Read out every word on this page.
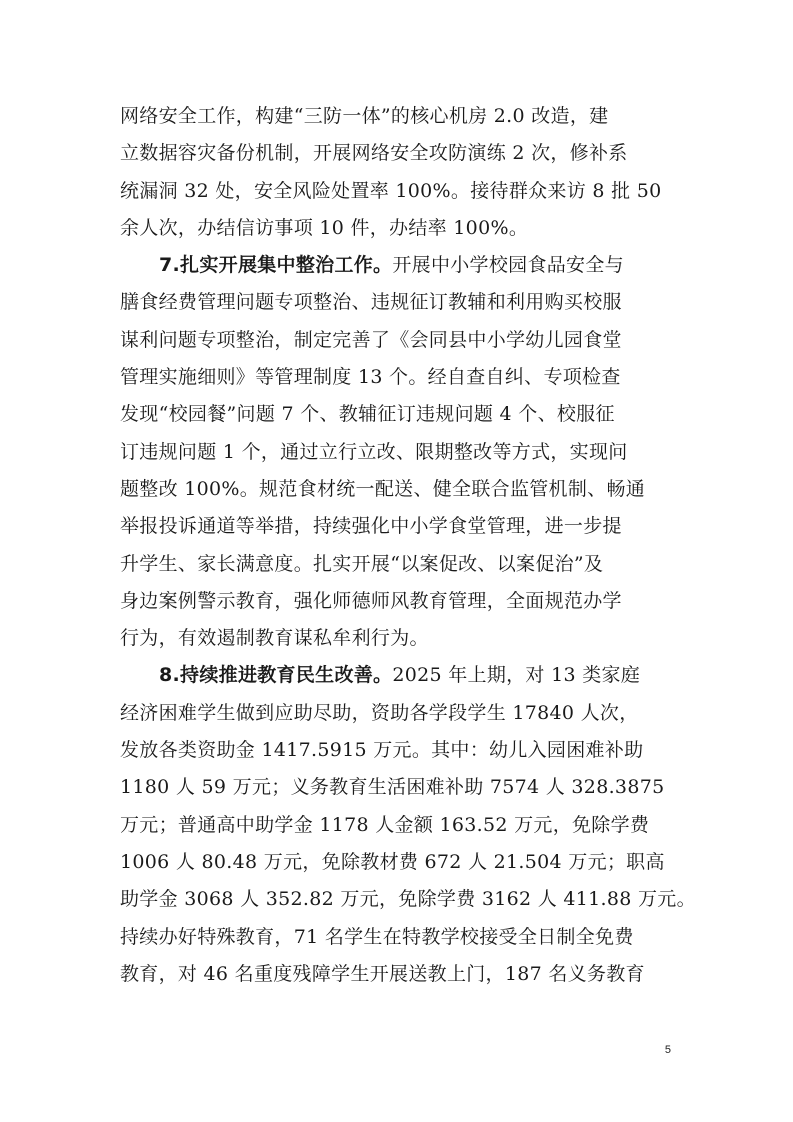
网络安全工作，构建“三防一体”的核心机房 2.0 改造，建
立数据容灾备份机制，开展网络安全攻防演练 2 次，修补系
统漏洞 32 处，安全风险处置率 100%。接待群众来访 8 批 50
余人次，办结信访事项 10 件，办结率 100%。
7.扎实开展集中整治工作。开展中小学校园食品安全与
膳食经费管理问题专项整治、违规征订教辅和利用购买校服
谋利问题专项整治，制定完善了《会同县中小学幼儿园食堂
管理实施细则》等管理制度 13 个。经自查自纠、专项检查
发现“校园餐”问题 7 个、教辅征订违规问题 4 个、校服征
订违规问题 1 个，通过立行立改、限期整改等方式，实现问
题整改 100%。规范食材统一配送、健全联合监管机制、畅通
举报投诉通道等举措，持续强化中小学食堂管理，进一步提
升学生、家长满意度。扎实开展“以案促改、以案促治”及
身边案例警示教育，强化师德师风教育管理，全面规范办学
行为，有效遏制教育谋私牟利行为。
8.持续推进教育民生改善。2025 年上期，对 13 类家庭
经济困难学生做到应助尽助，资助各学段学生 17840 人次，
发放各类资助金 1417.5915 万元。其中：幼儿入园困难补助
1180 人 59 万元；义务教育生活困难补助 7574 人 328.3875
万元；普通高中助学金 1178 人金额 163.52 万元，免除学费
1006 人 80.48 万元，免除教材费 672 人 21.504 万元；职高
助学金 3068 人 352.82 万元，免除学费 3162 人 411.88 万元。
持续办好特殊教育，71 名学生在特教学校接受全日制全免费
教育，对 46 名重度残障学生开展送教上门，187 名义务教育
5
